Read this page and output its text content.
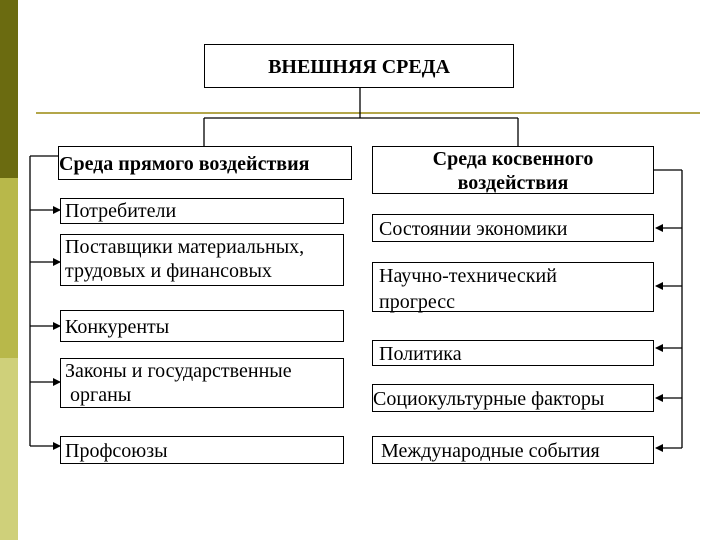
ВНЕШНЯЯ СРЕДА
Среда прямого воздействия	Среда косвенного
воздействия
Потребители
Поставщики материальных,
трудовых и финансовых
Конкуренты
Законы и государственные
органы
Профсоюзы
Состоянии экономики
Научно-технический
прогресс
Политика
Социокультурные факторы
Международные события
